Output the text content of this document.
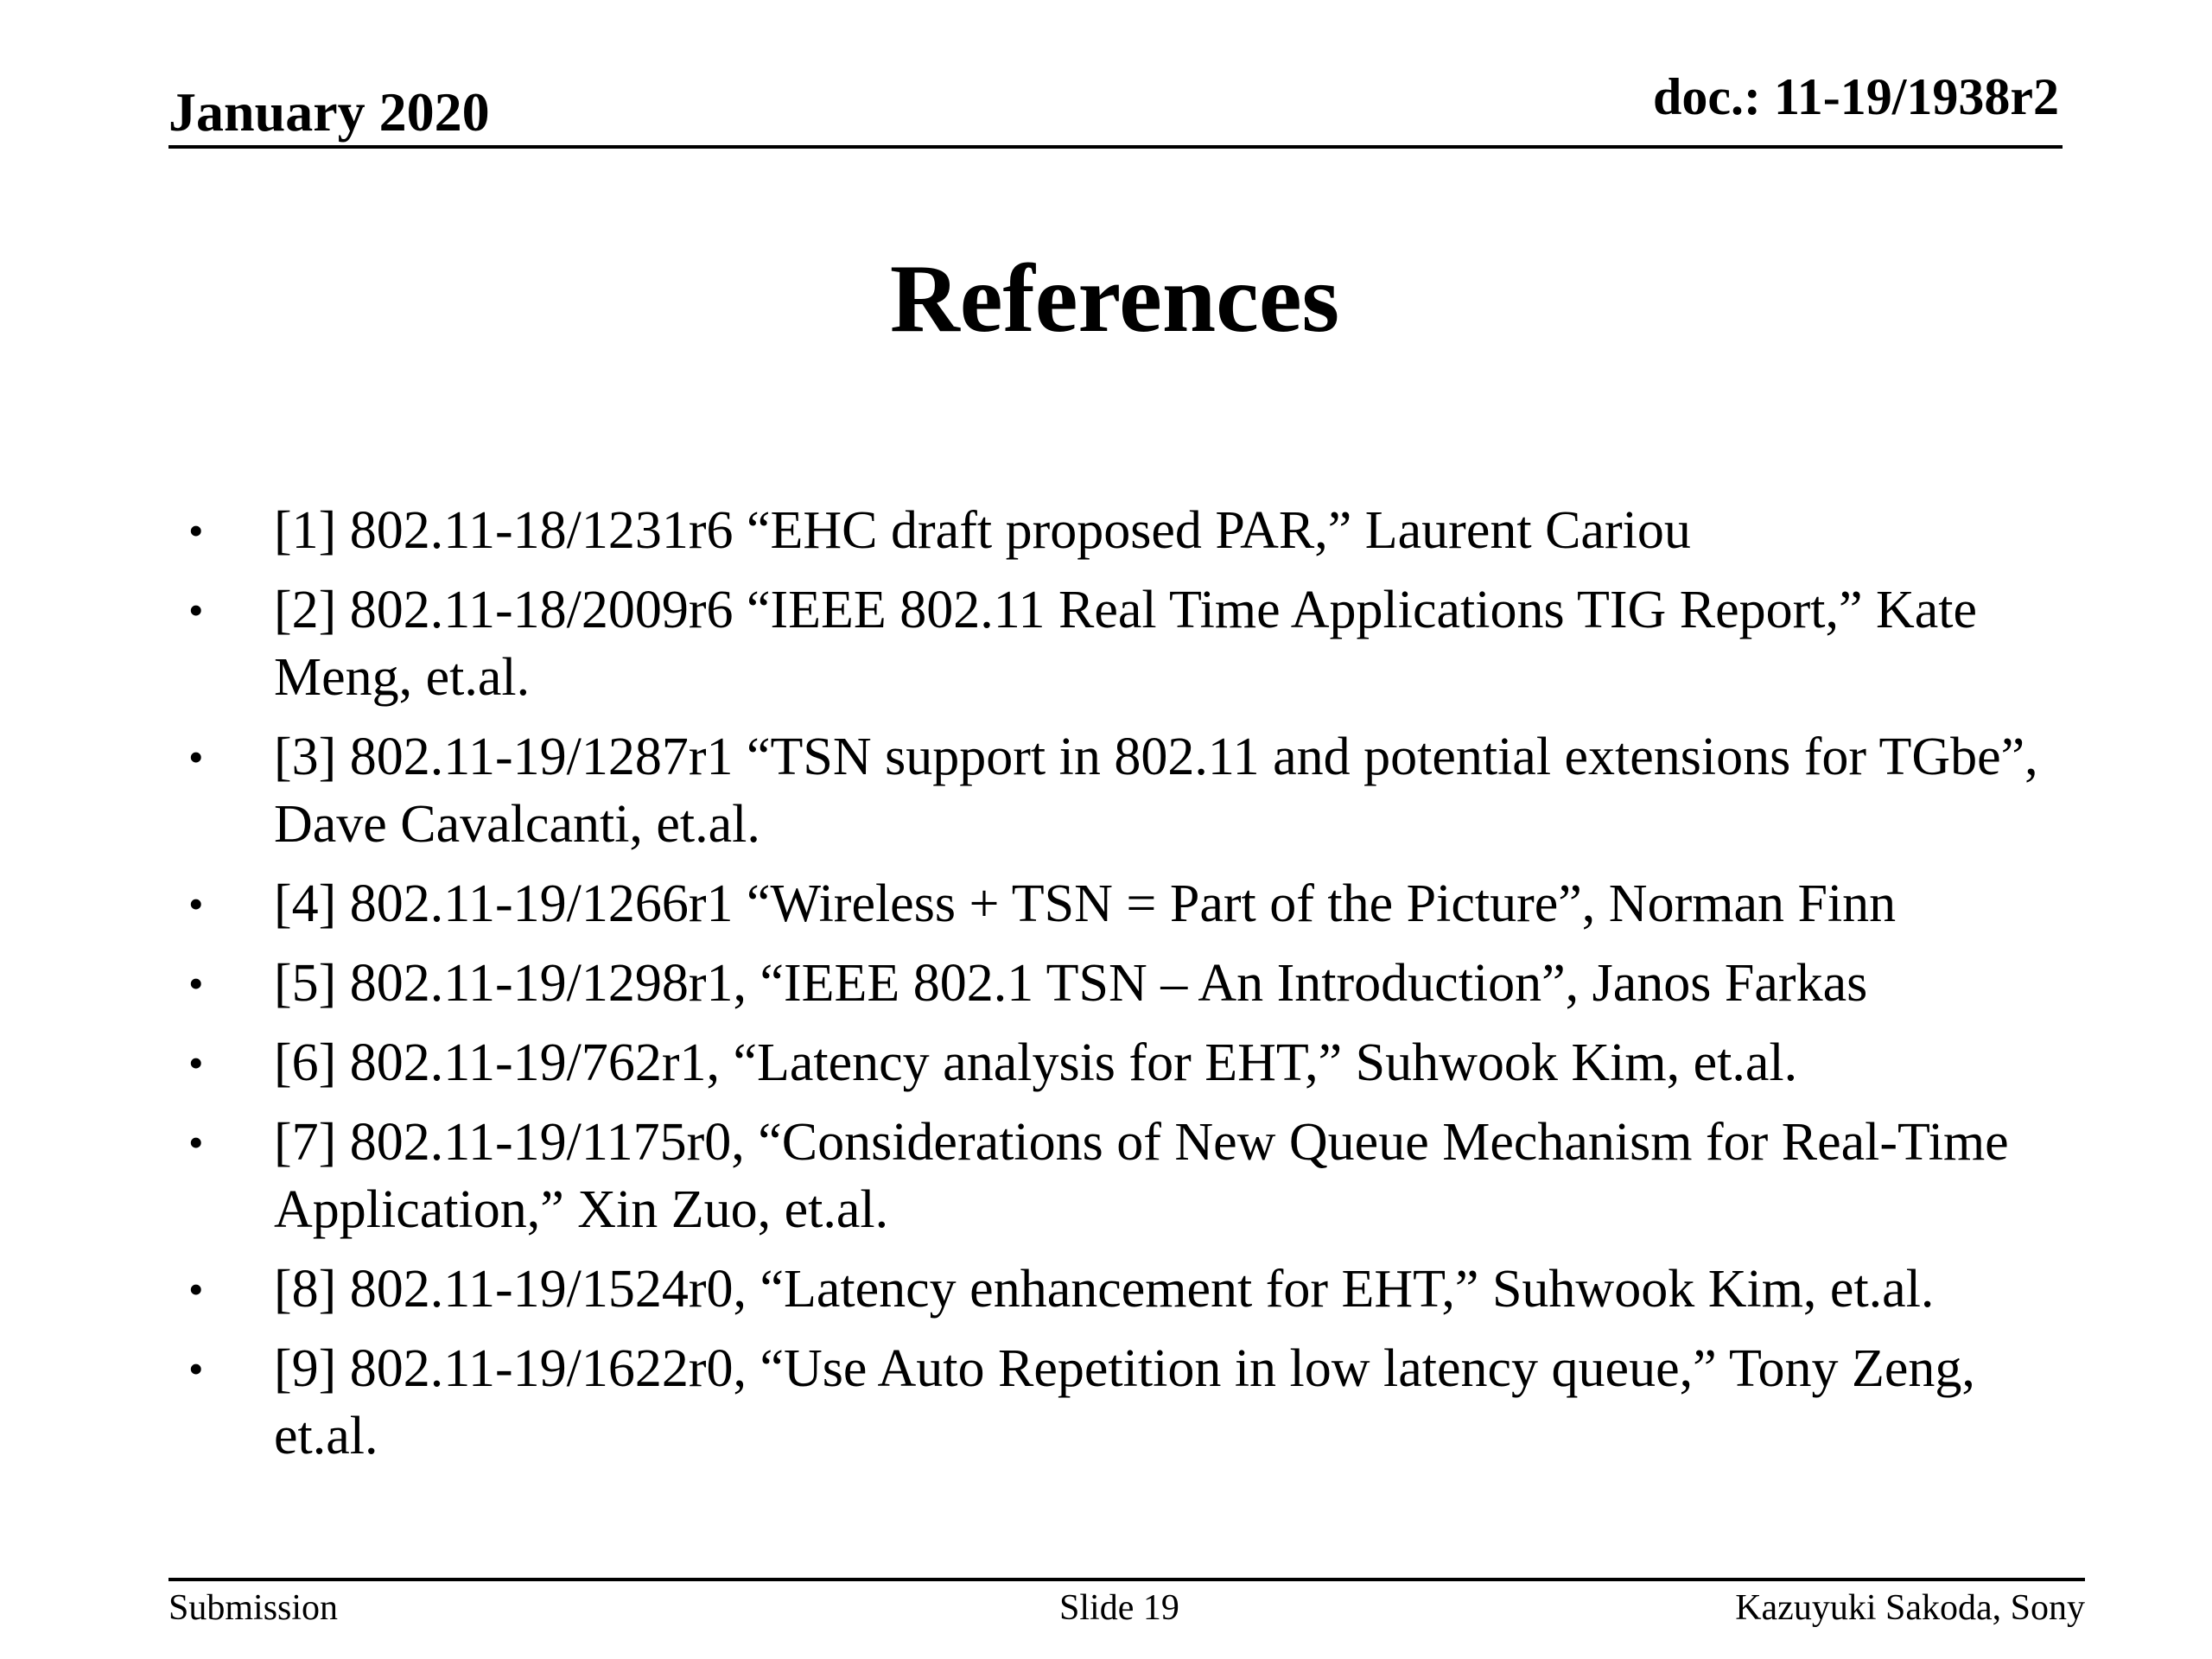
January 2020	doc.: 11-19/1938r2
References
• [1] 802.11-18/1231r6 “EHC draft proposed PAR,” Laurent Cariou
• [2] 802.11-18/2009r6 “IEEE 802.11 Real Time Applications TIG Report,” Kate Meng, et.al.
• [3] 802.11-19/1287r1 “TSN support in 802.11 and potential extensions for TGbe”, Dave Cavalcanti, et.al.
• [4] 802.11-19/1266r1 “Wireless + TSN = Part of the Picture”, Norman Finn
• [5] 802.11-19/1298r1, “IEEE 802.1 TSN – An Introduction”, Janos Farkas
• [6] 802.11-19/762r1, “Latency analysis for EHT,” Suhwook Kim, et.al.
• [7] 802.11-19/1175r0, “Considerations of New Queue Mechanism for Real-Time Application,” Xin Zuo, et.al.
• [8] 802.11-19/1524r0, “Latency enhancement for EHT,” Suhwook Kim, et.al.
• [9] 802.11-19/1622r0, “Use Auto Repetition in low latency queue,” Tony Zeng, et.al.
Submission	Slide 19	Kazuyuki Sakoda, Sony
